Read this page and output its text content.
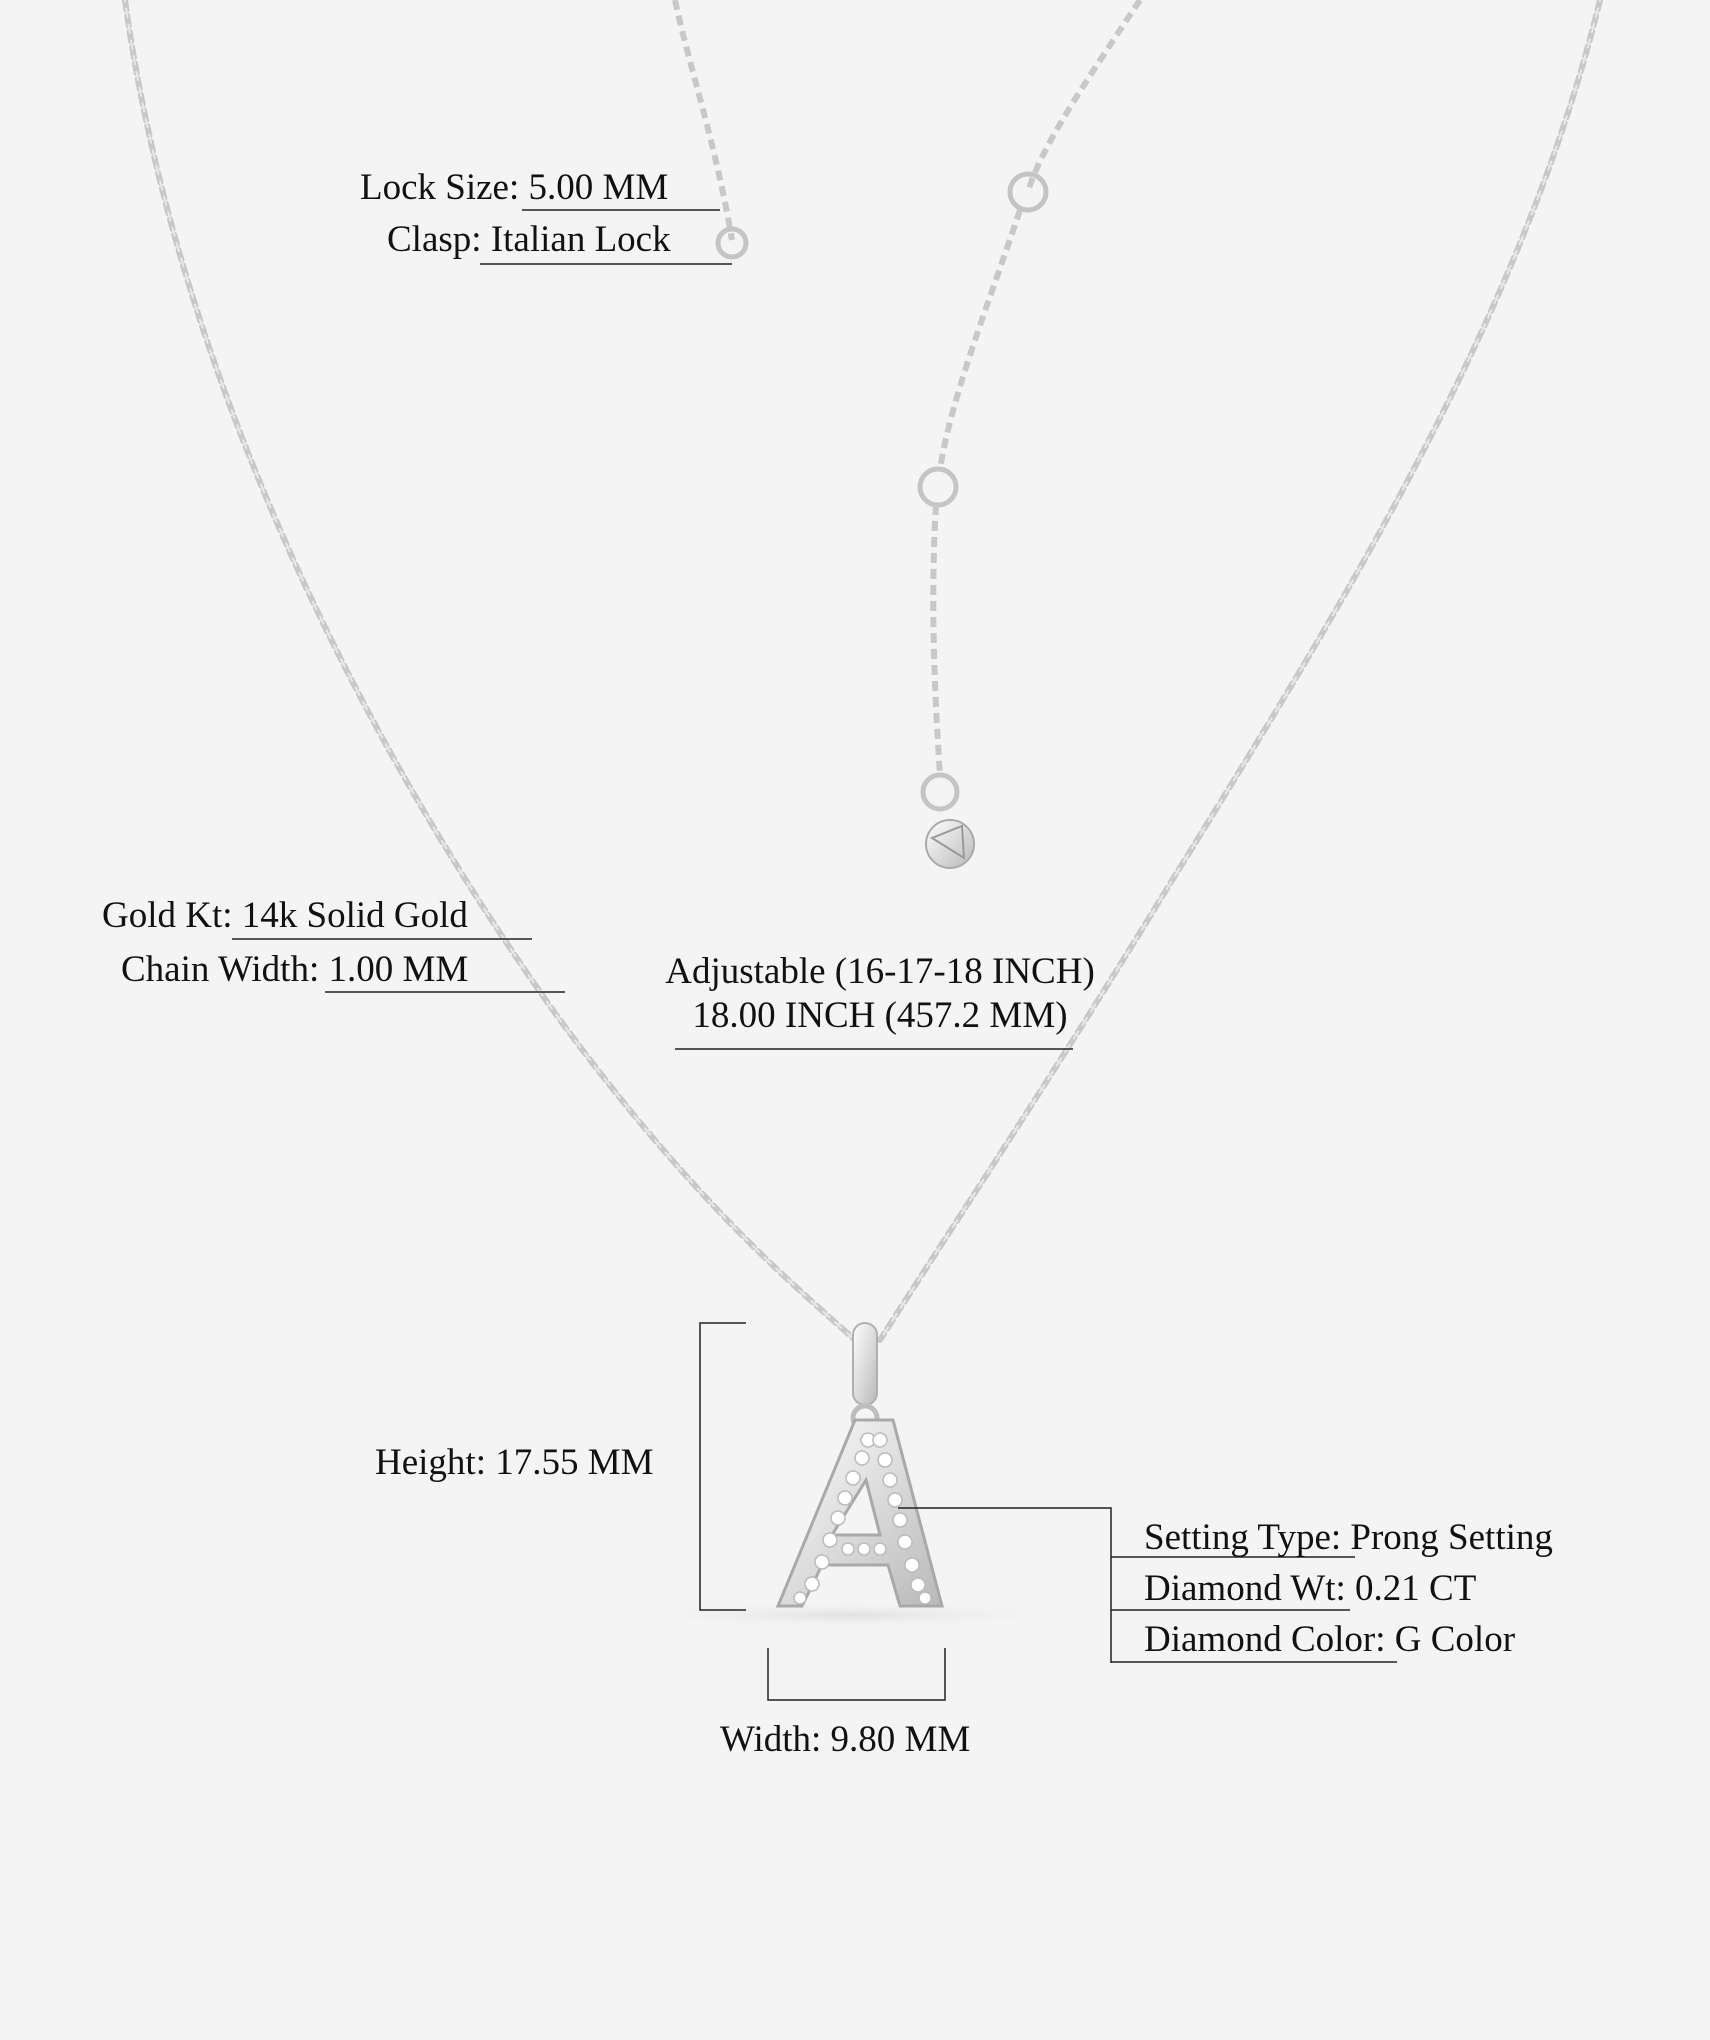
Lock Size: 5.00 MM
Clasp: Italian Lock
Gold Kt: 14k Solid Gold
Chain Width: 1.00 MM	Adjustable (16-17-18 INCH)
18.00 INCH (457.2 MM)
Height: 17.55 MM
Width: 9.80 MM
Setting Type: Prong Setting
Diamond Wt: 0.21 CT
Diamond Color: G Color
